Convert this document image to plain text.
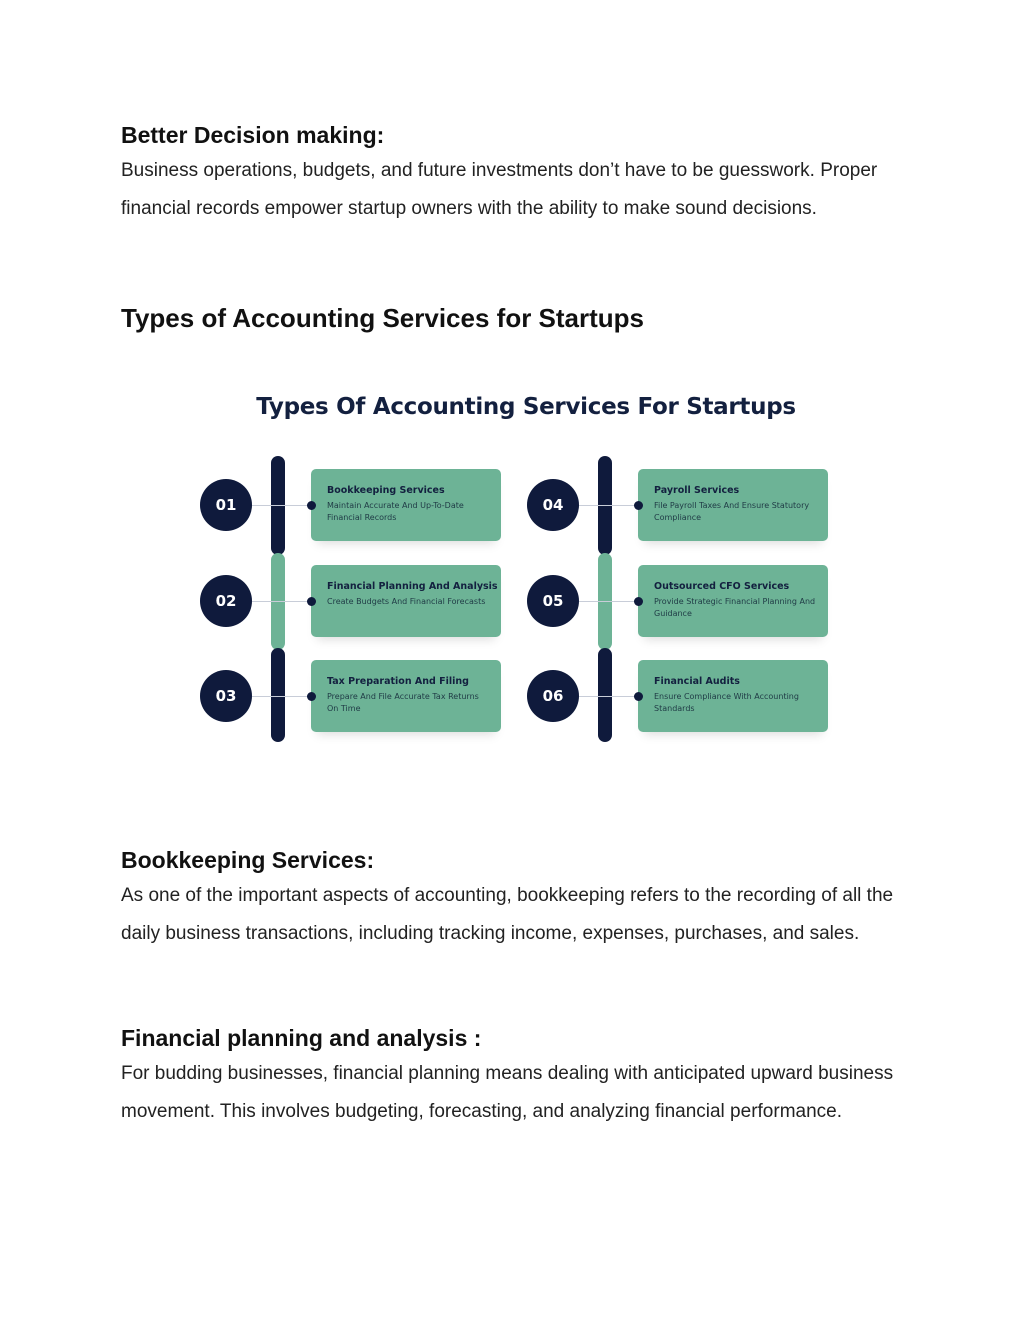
Better Decision making:

Business operations, budgets, and future investments don’t have to be guesswork. Proper financial records empower startup owners with the ability to make sound decisions.

Types of Accounting Services for Startups
Types Of Accounting Services For Startups
01
Bookkeeping Services
Maintain Accurate And Up-To-Date Financial Records
02
Financial Planning And Analysis
Create Budgets And Financial Forecasts
03
Tax Preparation And Filing
Prepare And File Accurate Tax Returns On Time
04
Payroll Services
File Payroll Taxes And Ensure Statutory Compliance
05
Outsourced CFO Services
Provide Strategic Financial Planning And Guidance
06
Financial Audits
Ensure Compliance With Accounting Standards
Bookkeeping Services:

As one of the important aspects of accounting, bookkeeping refers to the recording of all the daily business transactions, including tracking income, expenses, purchases, and sales.

Financial planning and analysis :

For budding businesses, financial planning means dealing with anticipated upward business movement. This involves budgeting, forecasting, and analyzing financial performance.
